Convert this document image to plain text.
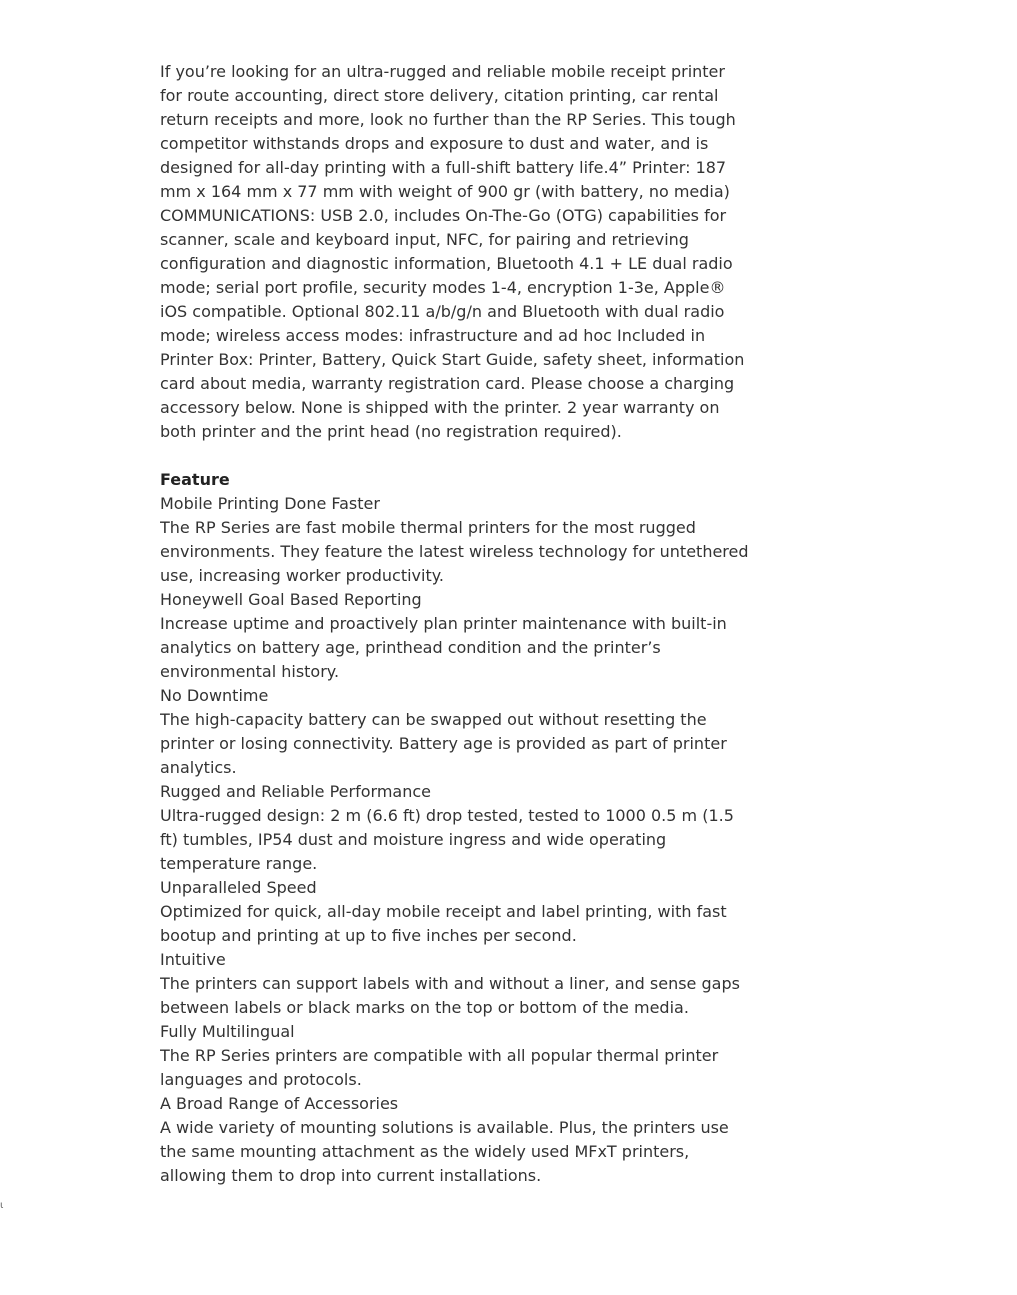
If you’re looking for an ultra-rugged and reliable mobile receipt printer for route accounting, direct store delivery, citation printing, car rental return receipts and more, look no further than the RP Series. This tough competitor withstands drops and exposure to dust and water, and is designed for all-day printing with a full-shift battery life.4” Printer: 187 mm x 164 mm x 77 mm with weight of 900 gr (with battery, no media) COMMUNICATIONS: USB 2.0, includes On-The-Go (OTG) capabilities for scanner, scale and keyboard input, NFC, for pairing and retrieving configuration and diagnostic information, Bluetooth 4.1 + LE dual radio mode; serial port profile, security modes 1-4, encryption 1-3e, Apple® iOS compatible. Optional 802.11 a/b/g/n and Bluetooth with dual radio mode; wireless access modes: infrastructure and ad hoc Included in Printer Box: Printer, Battery, Quick Start Guide, safety sheet, information card about media, warranty registration card. Please choose a charging accessory below. None is shipped with the printer. 2 year warranty on both printer and the print head (no registration required).

Feature

Mobile Printing Done Faster

The RP Series are fast mobile thermal printers for the most rugged environments. They feature the latest wireless technology for untethered use, increasing worker productivity.

Honeywell Goal Based Reporting

Increase uptime and proactively plan printer maintenance with built-in analytics on battery age, printhead condition and the printer’s environmental history.

No Downtime

The high-capacity battery can be swapped out without resetting the printer or losing connectivity. Battery age is provided as part of printer analytics.

Rugged and Reliable Performance

Ultra-rugged design: 2 m (6.6 ft) drop tested, tested to 1000 0.5 m (1.5 ft) tumbles, IP54 dust and moisture ingress and wide operating temperature range.

Unparalleled Speed

Optimized for quick, all-day mobile receipt and label printing, with fast bootup and printing at up to five inches per second.

Intuitive

The printers can support labels with and without a liner, and sense gaps between labels or black marks on the top or bottom of the media.

Fully Multilingual

The RP Series printers are compatible with all popular thermal printer languages and protocols.

A Broad Range of Accessories

A wide variety of mounting solutions is available. Plus, the printers use the same mounting attachment as the widely used MFxT printers, allowing them to drop into current installations.

ι
